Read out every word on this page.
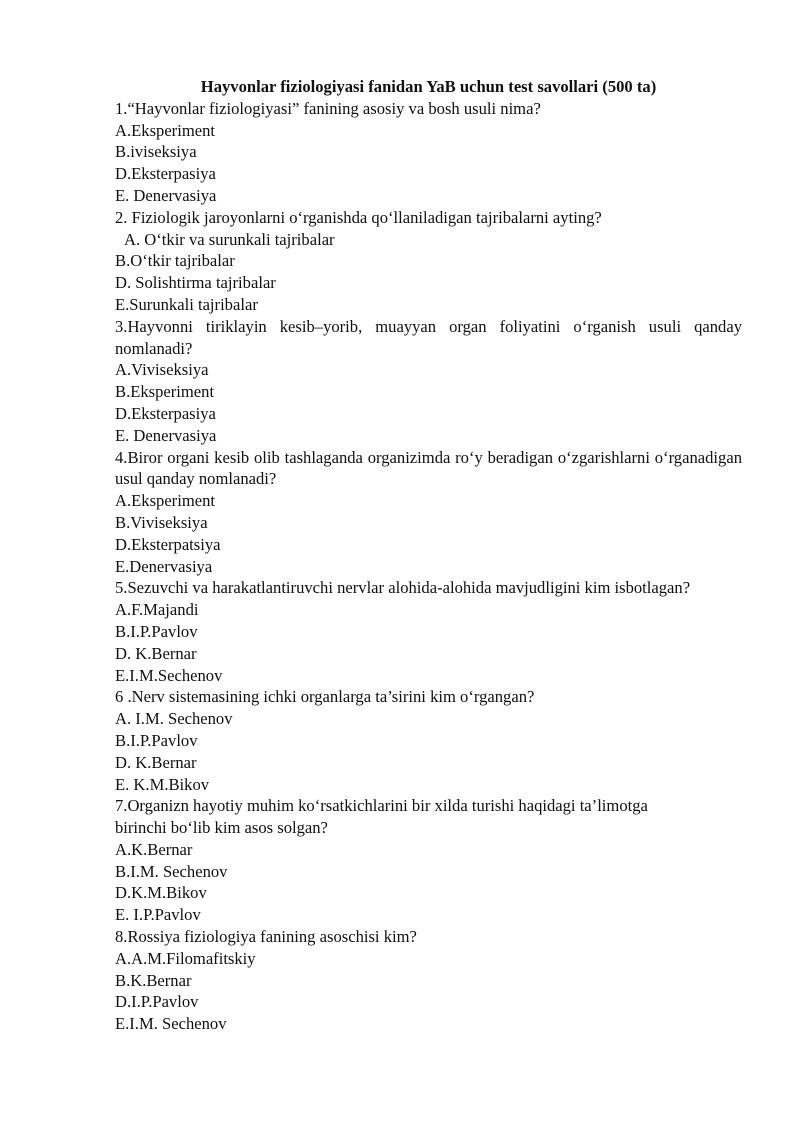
Hayvonlar fiziologiyasi fanidan YaB uchun test savollari (500 ta)

1.“Hayvonlar fiziologiyasi” fanining asosiy va bosh usuli nima?

A.Eksperiment

B.iviseksiya

D.Eksterpasiya

E. Denervasiya

2. Fiziologik jaroyonlarni o‘rganishda qo‘llaniladigan tajribalarni ayting?

A. O‘tkir va surunkali tajribalar

B.O‘tkir tajribalar

D. Solishtirma tajribalar

E.Surunkali tajribalar

3.Hayvonni tiriklayin kesib–yorib, muayyan organ foliyatini o‘rganish usuli qanday nomlanadi?

A.Viviseksiya

B.Eksperiment

D.Eksterpasiya

E. Denervasiya

4.Biror organi kesib olib tashlaganda organizimda ro‘y beradigan o‘zgarishlarni o‘rganadigan usul qanday nomlanadi?

A.Eksperiment

B.Viviseksiya

D.Eksterpatsiya

E.Denervasiya

5.Sezuvchi va harakatlantiruvchi nervlar alohida-alohida mavjudligini kim isbotlagan?

A.F.Majandi

B.I.P.Pavlov

D. K.Bernar

E.I.M.Sechenov

6 .Nerv sistemasining ichki organlarga ta’sirini kim o‘rgangan?

A. I.M. Sechenov

B.I.P.Pavlov

D. K.Bernar

E. K.M.Bikov

7.Organizn hayotiy muhim ko‘rsatkichlarini bir xilda turishi haqidagi ta’limotga

birinchi bo‘lib kim asos solgan?

A.K.Bernar

B.I.M. Sechenov

D.K.M.Bikov

E. I.P.Pavlov

8.Rossiya fiziologiya fanining asoschisi kim?

A.A.M.Filomafitskiy

B.K.Bernar

D.I.P.Pavlov

E.I.M. Sechenov
